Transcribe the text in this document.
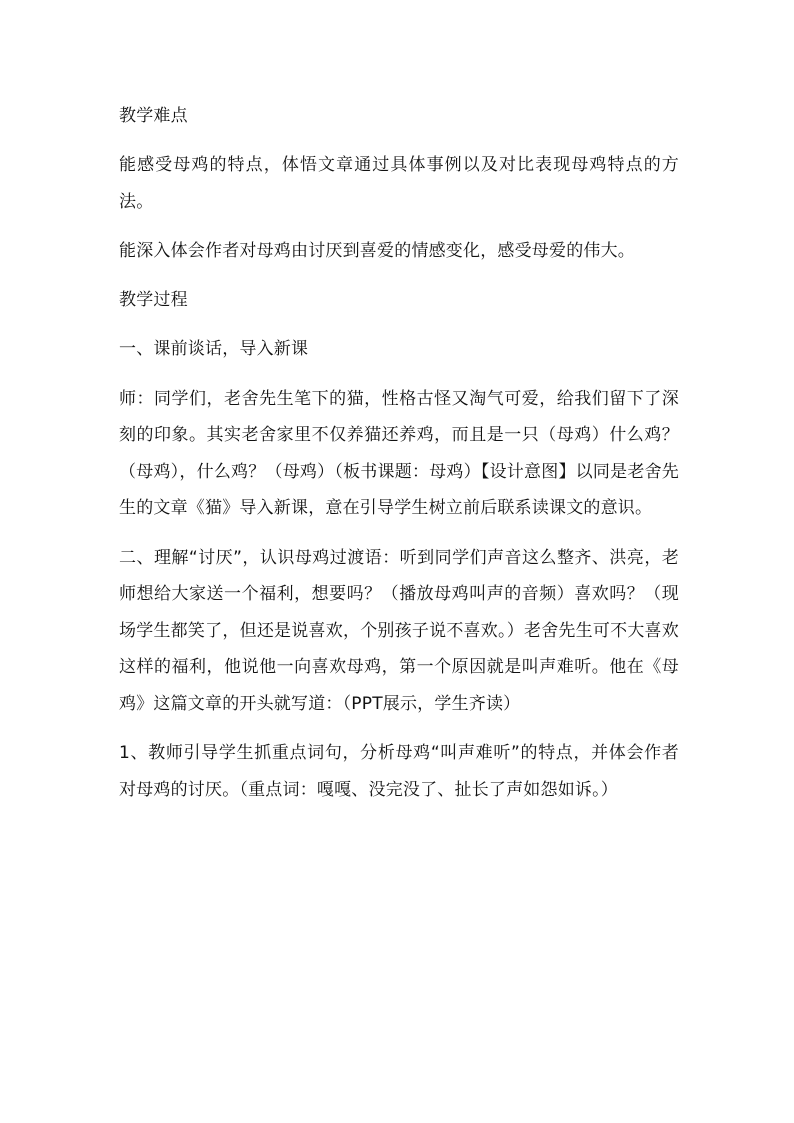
教学难点

能感受母鸡的特点，体悟文章通过具体事例以及对比表现母鸡特点的方法。

能深入体会作者对母鸡由讨厌到喜爱的情感变化，感受母爱的伟大。

教学过程

一、课前谈话，导入新课

师：同学们，老舍先生笔下的猫，性格古怪又淘气可爱，给我们留下了深刻的印象。其实老舍家里不仅养猫还养鸡，而且是一只（母鸡）什么鸡？（母鸡），什么鸡？（母鸡）（板书课题：母鸡）【设计意图】以同是老舍先生的文章《猫》导入新课，意在引导学生树立前后联系读课文的意识。

二、理解“讨厌”，认识母鸡过渡语：听到同学们声音这么整齐、洪亮，老师想给大家送一个福利，想要吗？（播放母鸡叫声的音频）喜欢吗？（现场学生都笑了，但还是说喜欢，个别孩子说不喜欢。）老舍先生可不大喜欢这样的福利，他说他一向喜欢母鸡，第一个原因就是叫声难听。他在《母鸡》这篇文章的开头就写道：（PPT展示，学生齐读）

1、教师引导学生抓重点词句，分析母鸡“叫声难听”的特点，并体会作者对母鸡的讨厌。（重点词：嘎嘎、没完没了、扯长了声如怨如诉。）
